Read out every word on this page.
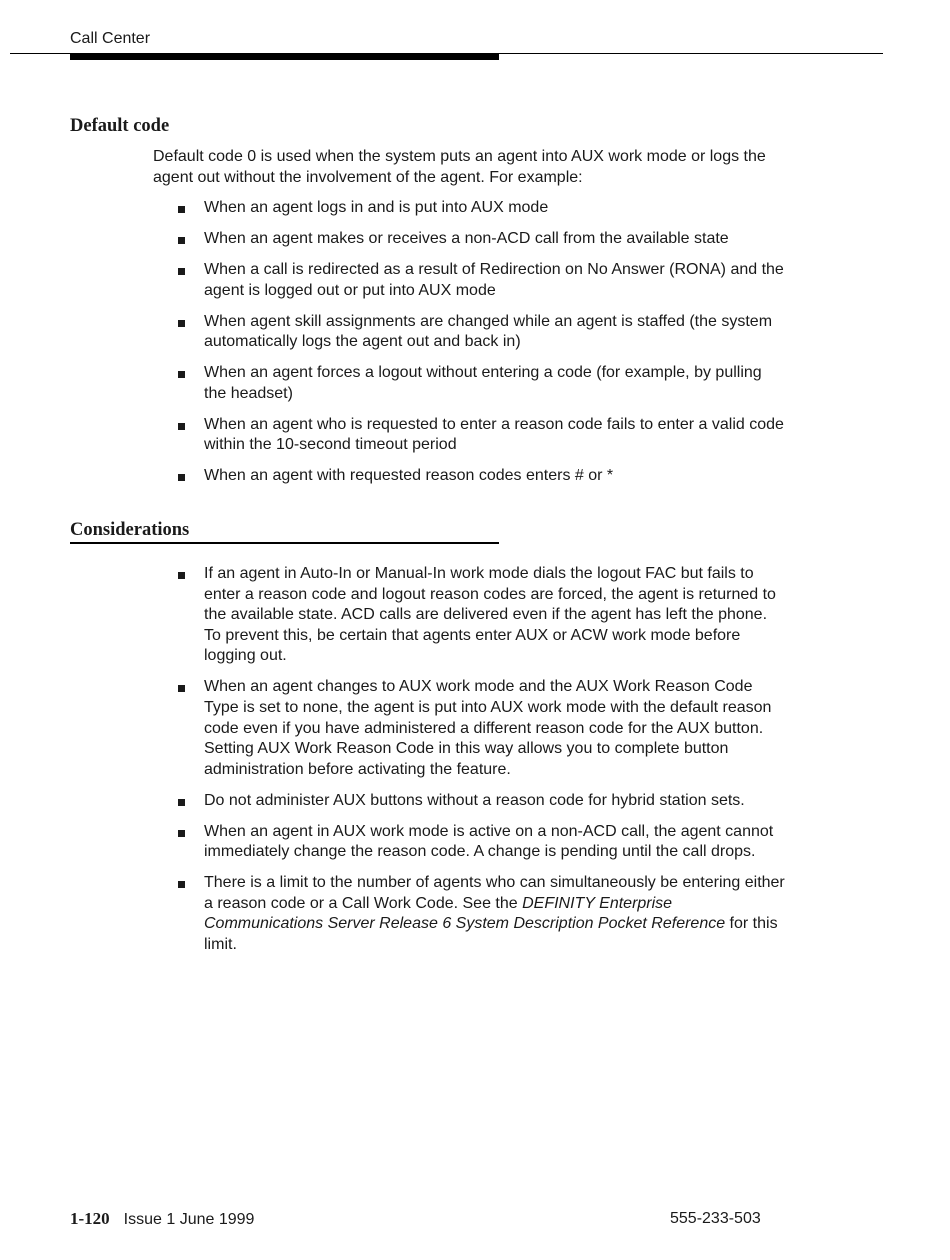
Call Center
Default code
Default code 0 is used when the system puts an agent into AUX work mode or logs the agent out without the involvement of the agent. For example:
When an agent logs in and is put into AUX mode
When an agent makes or receives a non-ACD call from the available state
When a call is redirected as a result of Redirection on No Answer (RONA) and the agent is logged out or put into AUX mode
When agent skill assignments are changed while an agent is staffed (the system automatically logs the agent out and back in)
When an agent forces a logout without entering a code (for example, by pulling the headset)
When an agent who is requested to enter a reason code fails to enter a valid code within the 10-second timeout period
When an agent with requested reason codes enters # or *
Considerations
If an agent in Auto-In or Manual-In work mode dials the logout FAC but fails to enter a reason code and logout reason codes are forced, the agent is returned to the available state. ACD calls are delivered even if the agent has left the phone. To prevent this, be certain that agents enter AUX or ACW work mode before logging out.
When an agent changes to AUX work mode and the AUX Work Reason Code Type is set to none, the agent is put into AUX work mode with the default reason code even if you have administered a different reason code for the AUX button. Setting AUX Work Reason Code in this way allows you to complete button administration before activating the feature.
Do not administer AUX buttons without a reason code for hybrid station sets.
When an agent in AUX work mode is active on a non-ACD call, the agent cannot immediately change the reason code. A change is pending until the call drops.
There is a limit to the number of agents who can simultaneously be entering either a reason code or a Call Work Code. See the DEFINITY Enterprise Communications Server Release 6 System Description Pocket Reference for this limit.
1-120 Issue 1 June 1999	555-233-503
